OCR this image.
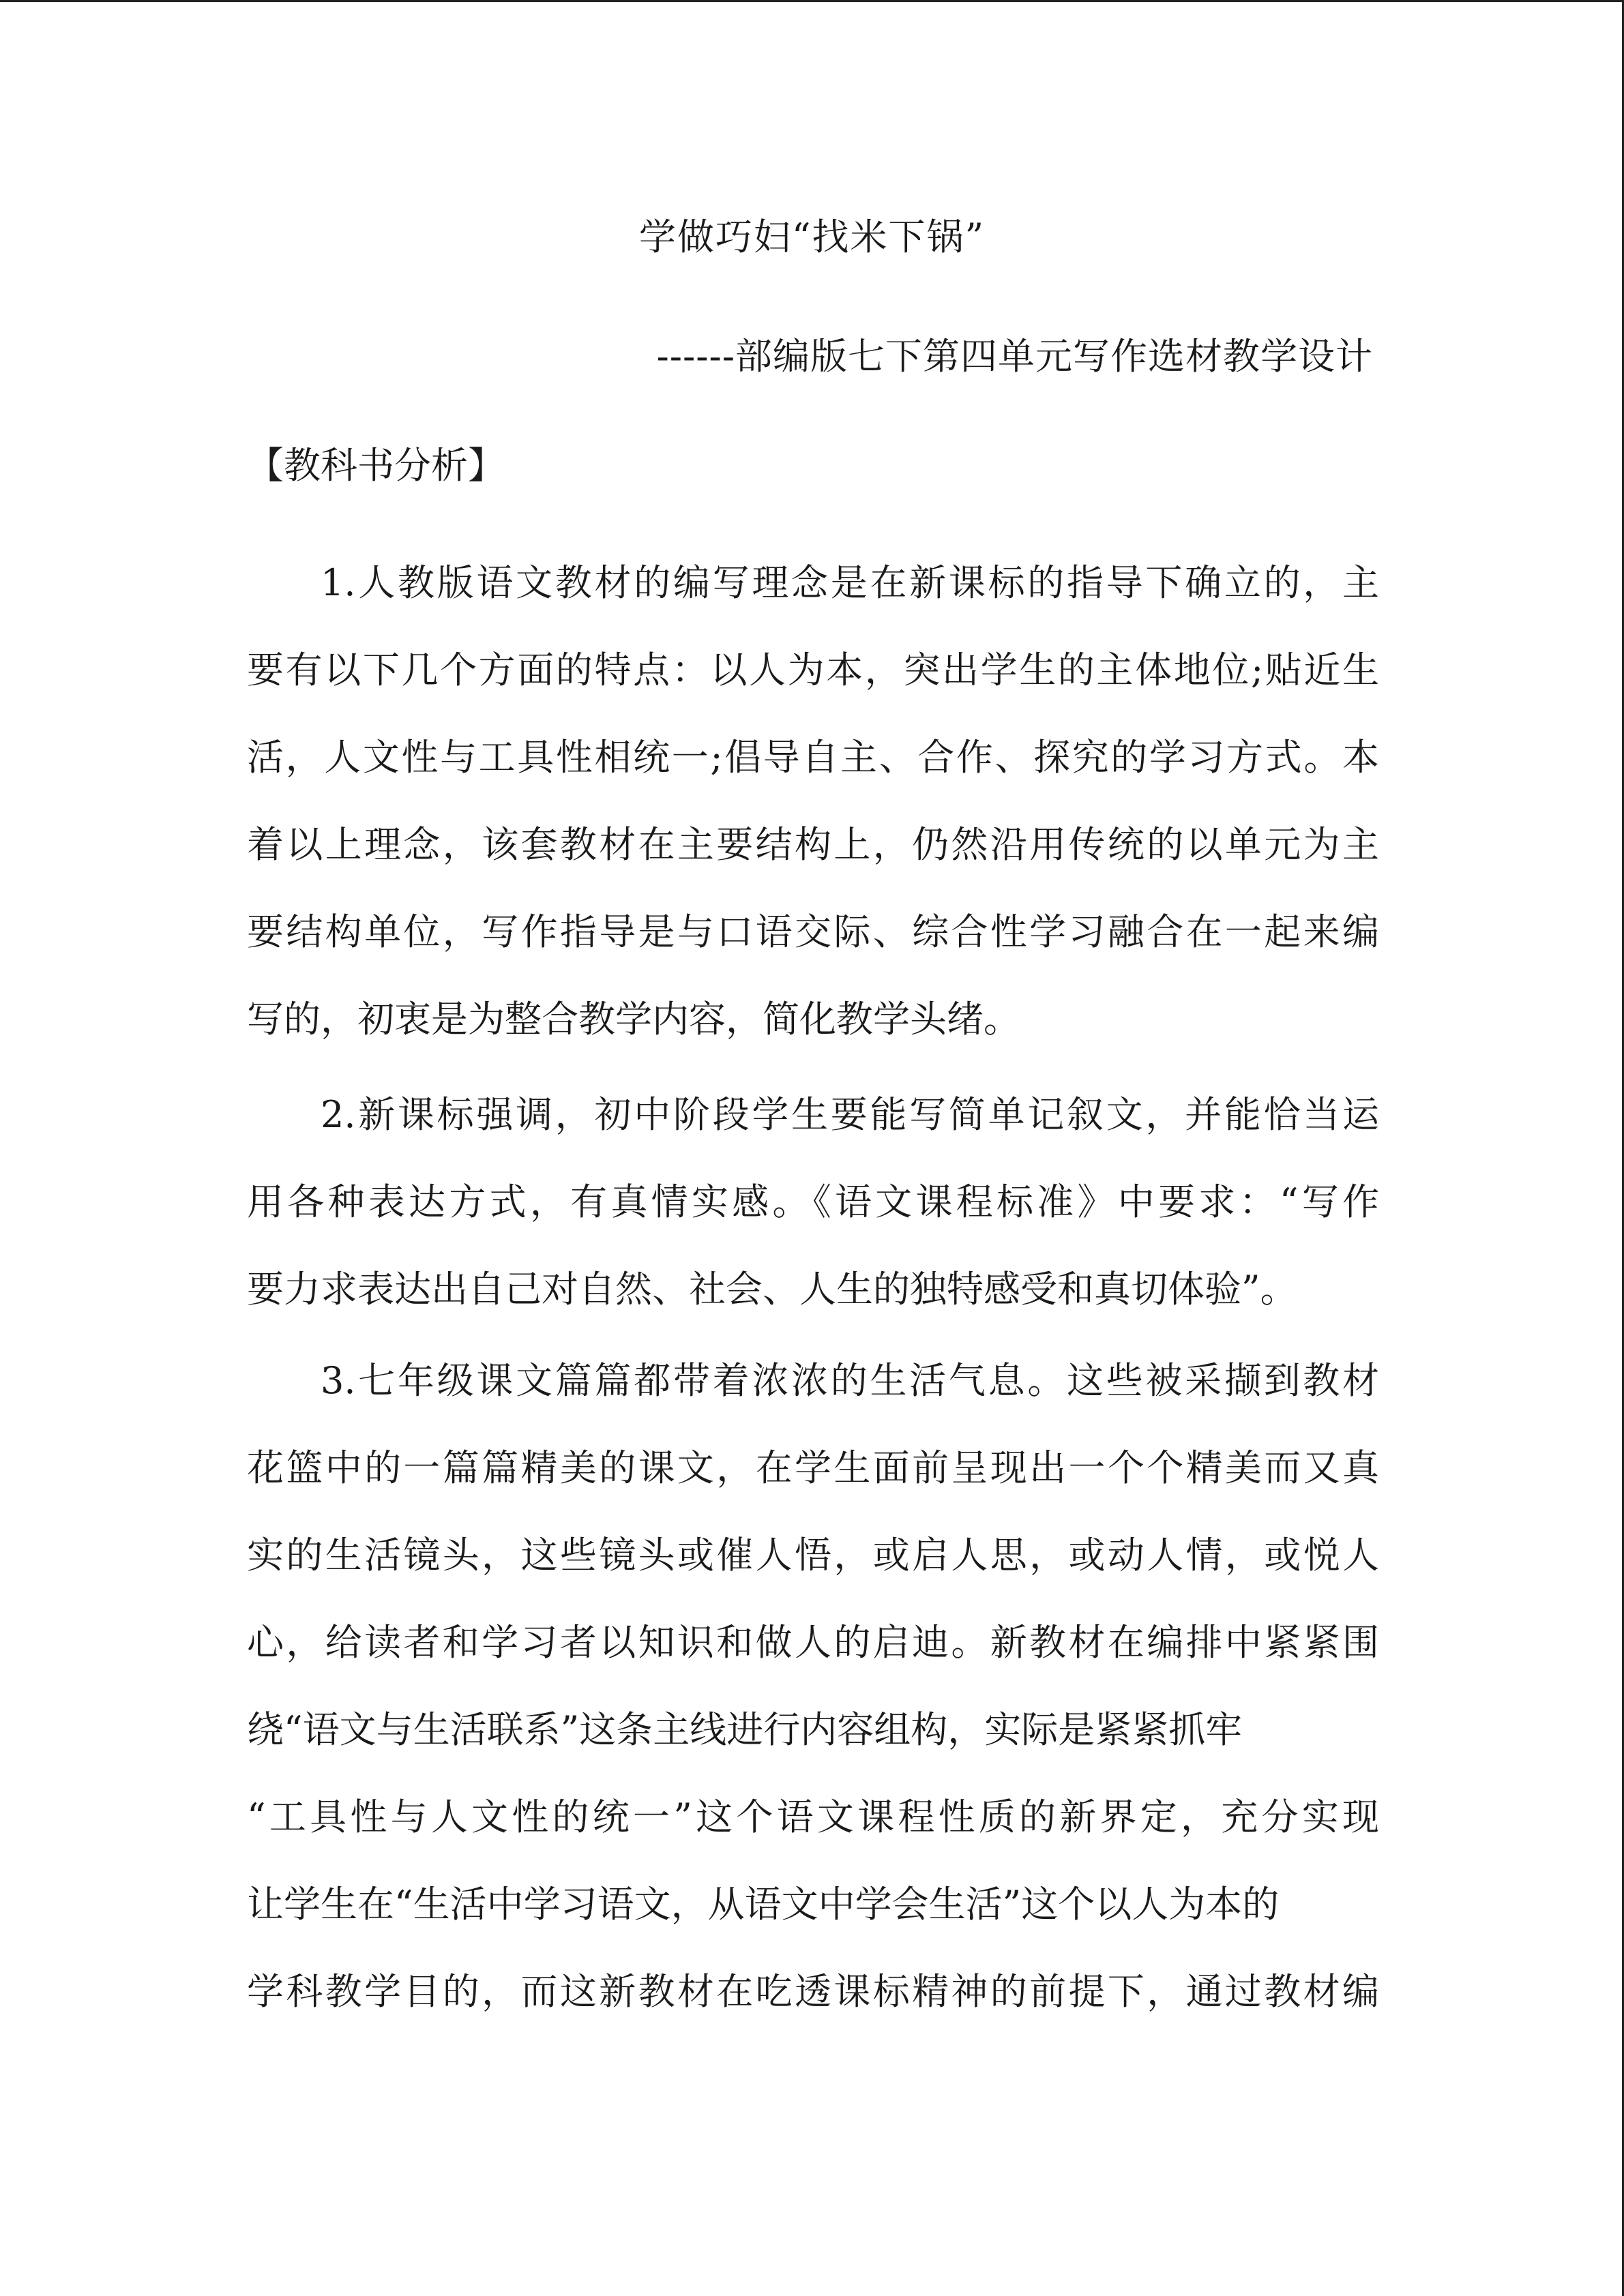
学做巧妇“找米下锅”
------部编版七下第四单元写作选材教学设计
【教科书分析】
1.人教版语文教材的编写理念是在新课标的指导下确立的，主
要有以下几个方面的特点：以人为本，突出学生的主体地位;贴近生
活，人文性与工具性相统一;倡导自主、合作、探究的学习方式。本
着以上理念，该套教材在主要结构上，仍然沿用传统的以单元为主
要结构单位，写作指导是与口语交际、综合性学习融合在一起来编
写的，初衷是为整合教学内容，简化教学头绪。
2.新课标强调，初中阶段学生要能写简单记叙文，并能恰当运
用各种表达方式，有真情实感。《语文课程标准》中要求：“写作
要力求表达出自己对自然、社会、人生的独特感受和真切体验”。
3.七年级课文篇篇都带着浓浓的生活气息。这些被采撷到教材
花篮中的一篇篇精美的课文，在学生面前呈现出一个个精美而又真
实的生活镜头，这些镜头或催人悟，或启人思，或动人情，或悦人
心，给读者和学习者以知识和做人的启迪。新教材在编排中紧紧围
绕“语文与生活联系”这条主线进行内容组构，实际是紧紧抓牢
“工具性与人文性的统一”这个语文课程性质的新界定，充分实现
让学生在“生活中学习语文，从语文中学会生活”这个以人为本的
学科教学目的，而这新教材在吃透课标精神的前提下，通过教材编
